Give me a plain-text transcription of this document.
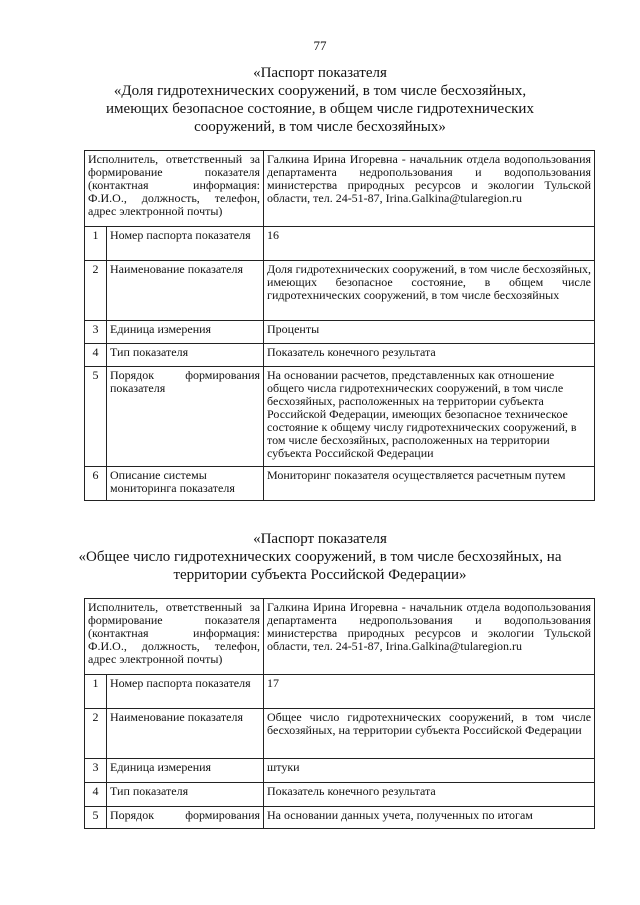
77
«Паспорт показателя
«Доля гидротехнических сооружений, в том числе бесхозяйных,
имеющих безопасное состояние, в общем числе гидротехнических
сооружений, в том числе бесхозяйных»
Исполнитель, ответственный за формирование показателя (контактная информация: Ф.И.О., должность, телефон, адрес электронной почты)		Галкина Ирина Игоревна - начальник отдела водопользования департамента недропользования и водопользования министерства природных ресурсов и экологии Тульской области, тел. 24-51-87, Irina.Galkina@tularegion.ru

1	Номер паспорта показателя	16
2	Наименование показателя	Доля гидротехнических сооружений, в том числе бесхозяйных, имеющих безопасное состояние, в общем числе гидротехнических сооружений, в том числе бесхозяйных

3	Единица измерения	Проценты
4	Тип показателя	Показатель конечного результата
5	Порядок формирования показателя	На основании расчетов, представленных как отношение общего числа гидротехнических сооружений, в том числе бесхозяйных, расположенных на территории субъекта Российской Федерации, имеющих безопасное техническое состояние к общему числу гидротехнических сооружений, в том числе бесхозяйных, расположенных на территории субъекта Российской Федерации
6	Описание системы мониторинга показателя	Мониторинг показателя осуществляется расчетным путем
«Паспорт показателя
«Общее число гидротехнических сооружений, в том числе бесхозяйных, на
территории субъекта Российской Федерации»
Исполнитель, ответственный за формирование показателя (контактная информация: Ф.И.О., должность, телефон, адрес электронной почты)		Галкина Ирина Игоревна - начальник отдела водопользования департамента недропользования и водопользования министерства природных ресурсов и экологии Тульской области, тел. 24-51-87, Irina.Galkina@tularegion.ru

1	Номер паспорта показателя	17
2	Наименование показателя	Общее число гидротехнических сооружений, в том числе бесхозяйных, на территории субъекта Российской Федерации

3	Единица измерения	штуки
4	Тип показателя	Показатель конечного результата
5	Порядок формирования	На основании данных учета, полученных по итогам
